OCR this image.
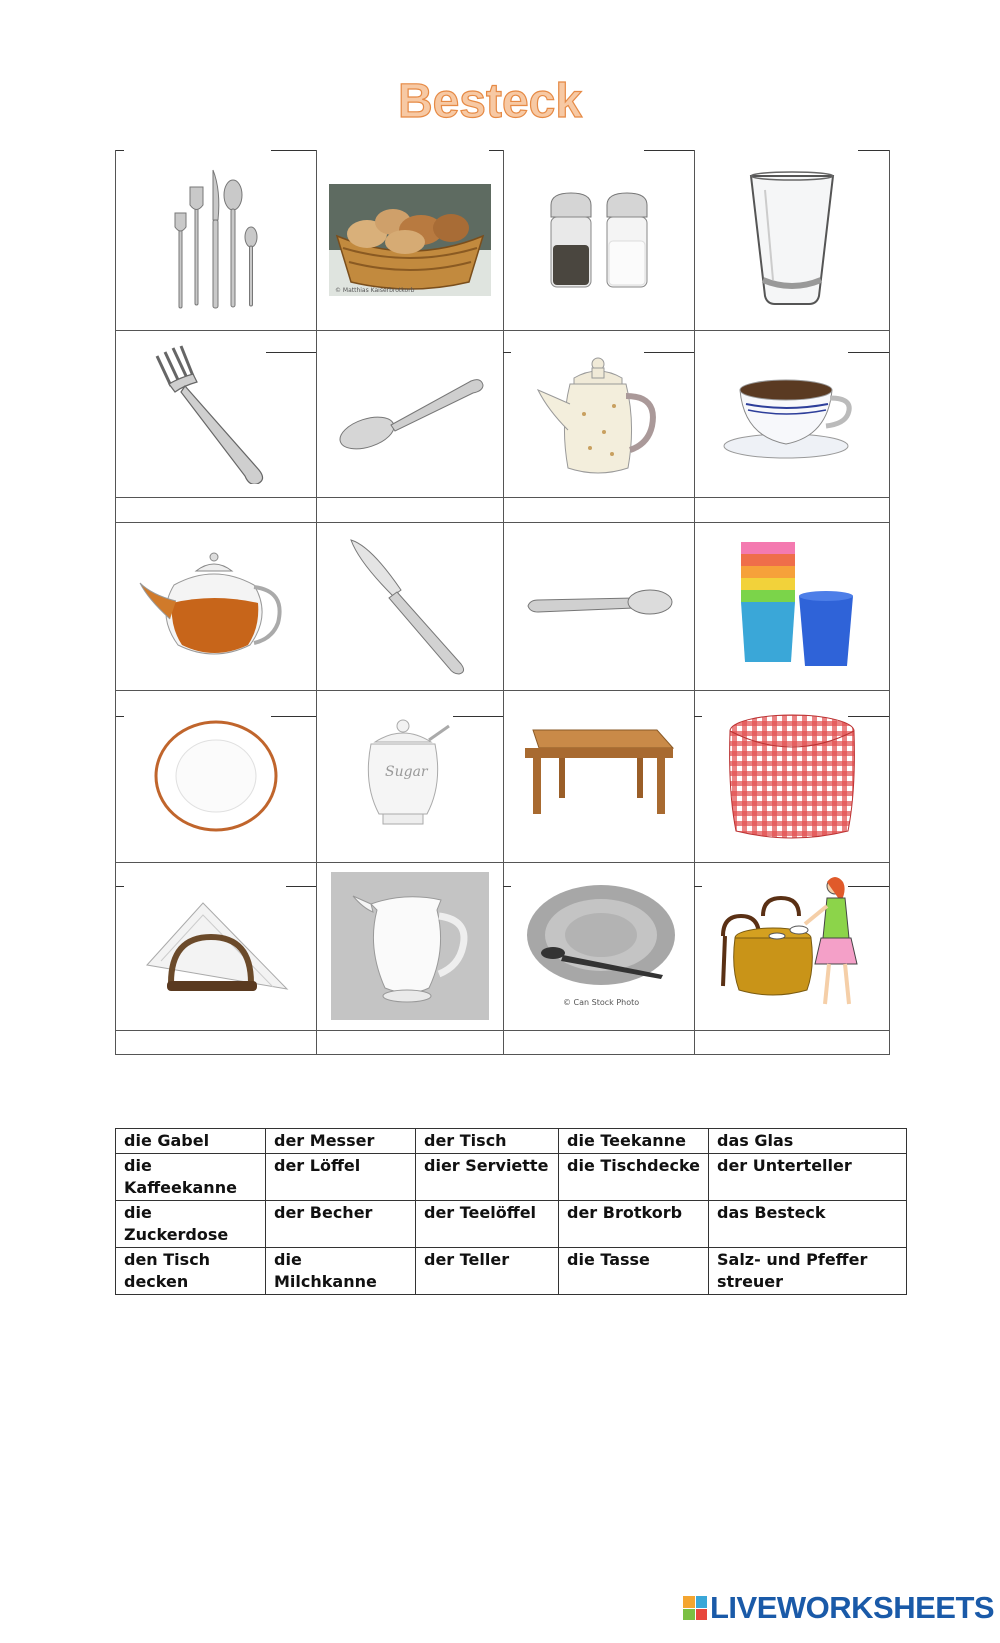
Besteck
© Matthias Kaiserbrotkorb
Sugar
© Can Stock Photo
die Gabel	der Messer	der Tisch	die Teekanne	das Glas
die Kaffeekanne	der Löffel	dier Serviette	die Tischdecke	der Unterteller
die Zuckerdose	der Becher	der Teelöffel	der Brotkorb	das Besteck
den Tisch decken	die Milchkanne	der Teller	die Tasse	Salz- und Pfeffer streuer
LIVEWORKSHEETS
